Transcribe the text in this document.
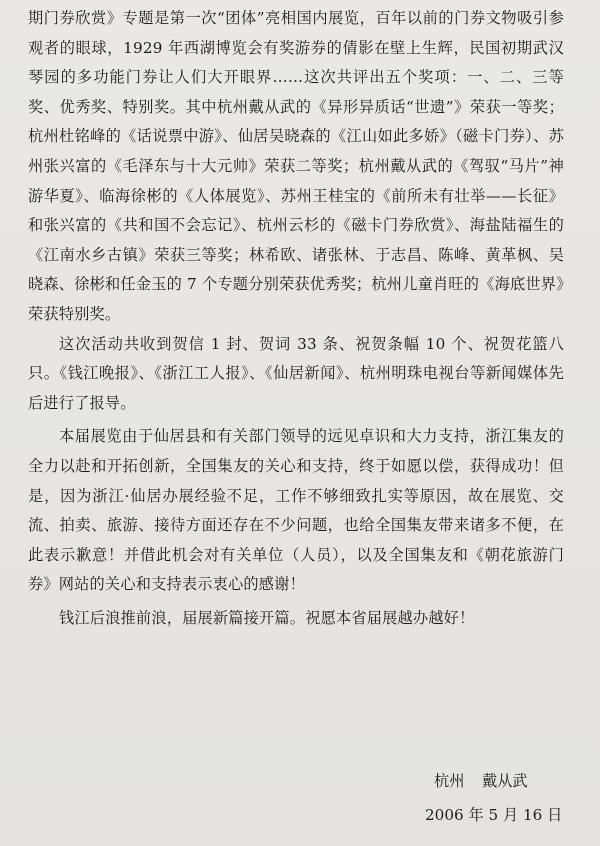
期门券欣赏》专题是第一次“团体”亮相国内展览，百年以前的门券文物吸引参观者的眼球，1929 年西湖博览会有奖游券的倩影在壁上生辉，民国初期武汉琴园的多功能门券让人们大开眼界……这次共评出五个奖项：一、二、三等奖、优秀奖、特别奖。其中杭州戴从武的《异形异质话“世遗”》荣获一等奖；杭州杜铭峰的《话说票中游》、仙居吴晓森的《江山如此多娇》（磁卡门券）、苏州张兴富的《毛泽东与十大元帅》荣获二等奖；杭州戴从武的《驾驭“马片”神游华夏》、临海徐彬的《人体展览》、苏州王桂宝的《前所未有壮举——长征》和张兴富的《共和国不会忘记》、杭州云杉的《磁卡门券欣赏》、海盐陆福生的《江南水乡古镇》荣获三等奖；林希欧、诸张林、于志昌、陈峰、黄革枫、吴晓森、徐彬和任金玉的 7 个专题分别荣获优秀奖；杭州儿童肖旺的《海底世界》荣获特别奖。

这次活动共收到贺信 1 封、贺词 33 条、祝贺条幅 10 个、祝贺花篮八只。《钱江晚报》、《浙江工人报》、《仙居新闻》、杭州明珠电视台等新闻媒体先后进行了报导。

本届展览由于仙居县和有关部门领导的远见卓识和大力支持，浙江集友的全力以赴和开拓创新，全国集友的关心和支持，终于如愿以偿，获得成功！但是，因为浙江·仙居办展经验不足，工作不够细致扎实等原因，故在展览、交流、拍卖、旅游、接待方面还存在不少问题，也给全国集友带来诸多不便，在此表示歉意！并借此机会对有关单位（人员），以及全国集友和《朝花旅游门券》网站的关心和支持表示衷心的感谢！

钱江后浪推前浪，届展新篇接开篇。祝愿本省届展越办越好！

杭州 戴从武
2006 年 5 月 16 日
